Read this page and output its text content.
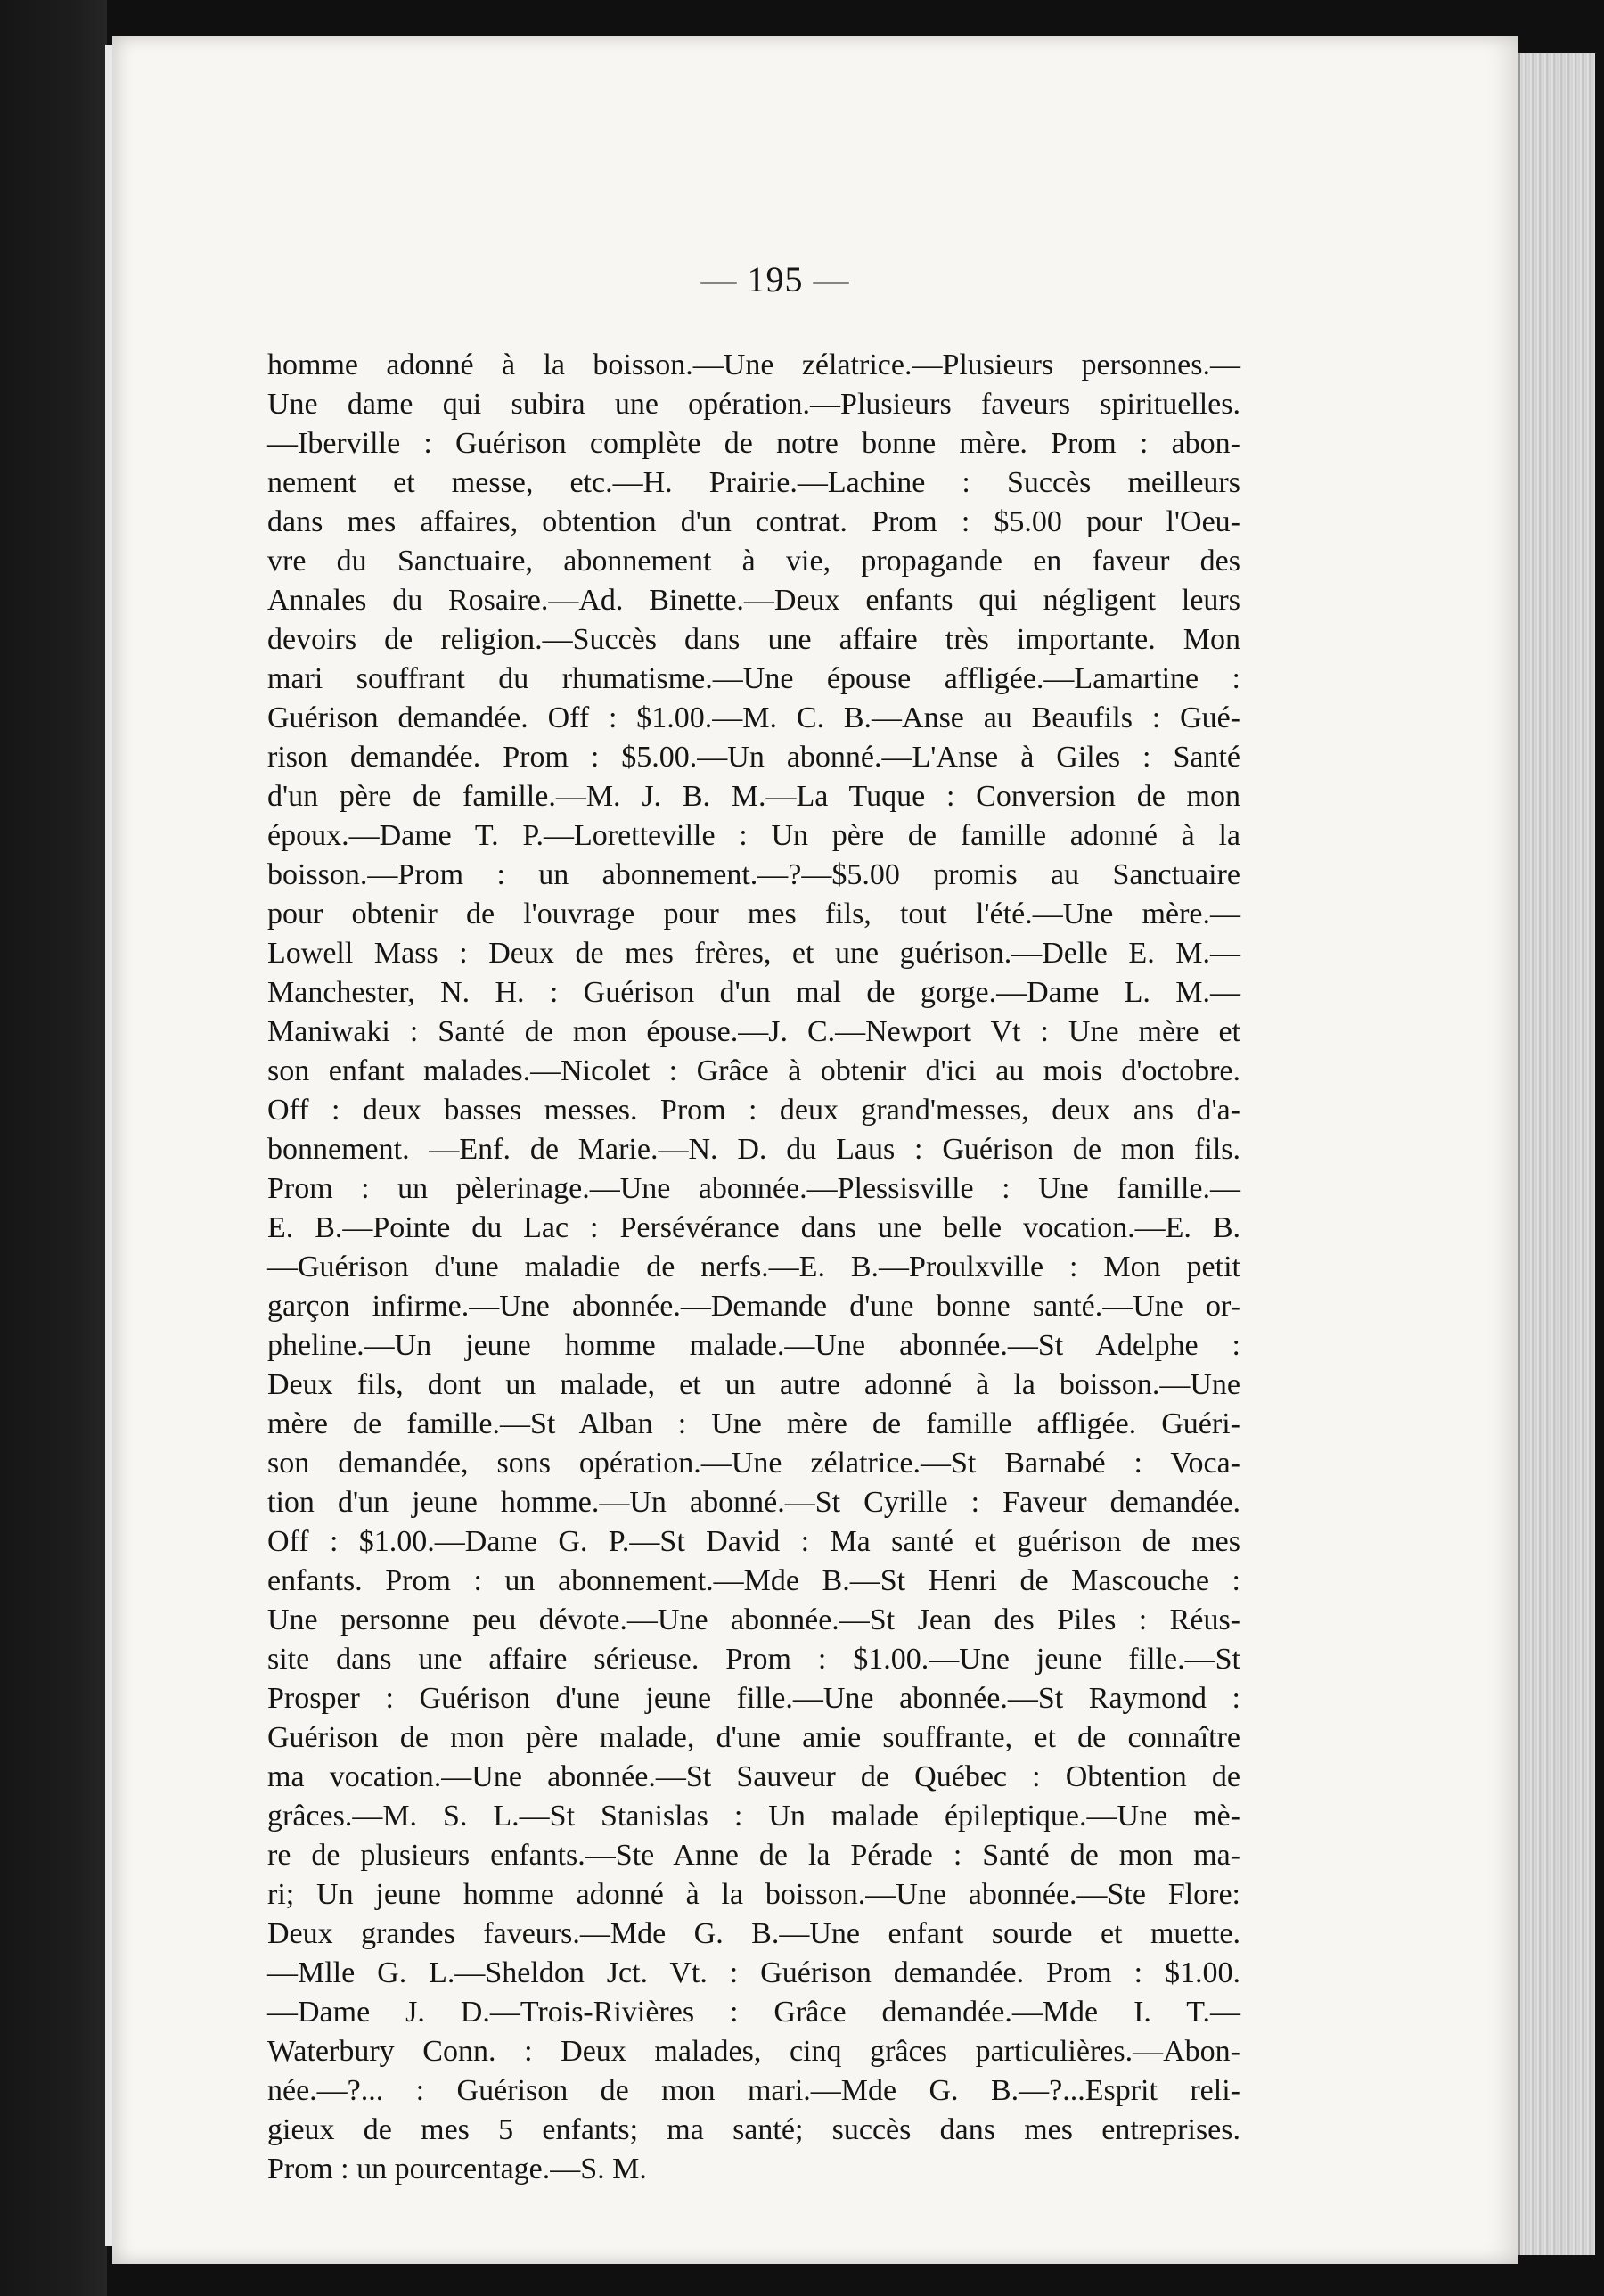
— 195 —
homme adonné à la boisson.—Une zélatrice.—Plusieurs personnes.—
Une dame qui subira une opération.—Plusieurs faveurs spirituelles.
—Iberville : Guérison complète de notre bonne mère. Prom : abon-
nement et messe, etc.—H. Prairie.—Lachine : Succès meilleurs
dans mes affaires, obtention d'un contrat. Prom : $5.00 pour l'Oeu-
vre du Sanctuaire, abonnement à vie, propagande en faveur des
Annales du Rosaire.—Ad. Binette.—Deux enfants qui négligent leurs
devoirs de religion.—Succès dans une affaire très importante. Mon
mari souffrant du rhumatisme.—Une épouse affligée.—Lamartine :
Guérison demandée. Off : $1.00.—M. C. B.—Anse au Beaufils : Gué-
rison demandée. Prom : $5.00.—Un abonné.—L'Anse à Giles : Santé
d'un père de famille.—M. J. B. M.—La Tuque : Conversion de mon
époux.—Dame T. P.—Loretteville : Un père de famille adonné à la
boisson.—Prom : un abonnement.—?—$5.00 promis au Sanctuaire
pour obtenir de l'ouvrage pour mes fils, tout l'été.—Une mère.—
Lowell Mass : Deux de mes frères, et une guérison.—Delle E. M.—
Manchester, N. H. : Guérison d'un mal de gorge.—Dame L. M.—
Maniwaki : Santé de mon épouse.—J. C.—Newport Vt : Une mère et
son enfant malades.—Nicolet : Grâce à obtenir d'ici au mois d'octobre.
Off : deux basses messes. Prom : deux grand'messes, deux ans d'a-
bonnement. —Enf. de Marie.—N. D. du Laus : Guérison de mon fils.
Prom : un pèlerinage.—Une abonnée.—Plessisville : Une famille.—
E. B.—Pointe du Lac : Persévérance dans une belle vocation.—E. B.
—Guérison d'une maladie de nerfs.—E. B.—Proulxville : Mon petit
garçon infirme.—Une abonnée.—Demande d'une bonne santé.—Une or-
pheline.—Un jeune homme malade.—Une abonnée.—St Adelphe :
Deux fils, dont un malade, et un autre adonné à la boisson.—Une
mère de famille.—St Alban : Une mère de famille affligée. Guéri-
son demandée, sons opération.—Une zélatrice.—St Barnabé : Voca-
tion d'un jeune homme.—Un abonné.—St Cyrille : Faveur demandée.
Off : $1.00.—Dame G. P.—St David : Ma santé et guérison de mes
enfants. Prom : un abonnement.—Mde B.—St Henri de Mascouche :
Une personne peu dévote.—Une abonnée.—St Jean des Piles : Réus-
site dans une affaire sérieuse. Prom : $1.00.—Une jeune fille.—St
Prosper : Guérison d'une jeune fille.—Une abonnée.—St Raymond :
Guérison de mon père malade, d'une amie souffrante, et de connaître
ma vocation.—Une abonnée.—St Sauveur de Québec : Obtention de
grâces.—M. S. L.—St Stanislas : Un malade épileptique.—Une mè-
re de plusieurs enfants.—Ste Anne de la Pérade : Santé de mon ma-
ri; Un jeune homme adonné à la boisson.—Une abonnée.—Ste Flore:
Deux grandes faveurs.—Mde G. B.—Une enfant sourde et muette.
—Mlle G. L.—Sheldon Jct. Vt. : Guérison demandée. Prom : $1.00.
—Dame J. D.—Trois-Rivières : Grâce demandée.—Mde I. T.—
Waterbury Conn. : Deux malades, cinq grâces particulières.—Abon-
née.—?... : Guérison de mon mari.—Mde G. B.—?...Esprit reli-
gieux de mes 5 enfants; ma santé; succès dans mes entreprises.
Prom : un pourcentage.—S. M.
